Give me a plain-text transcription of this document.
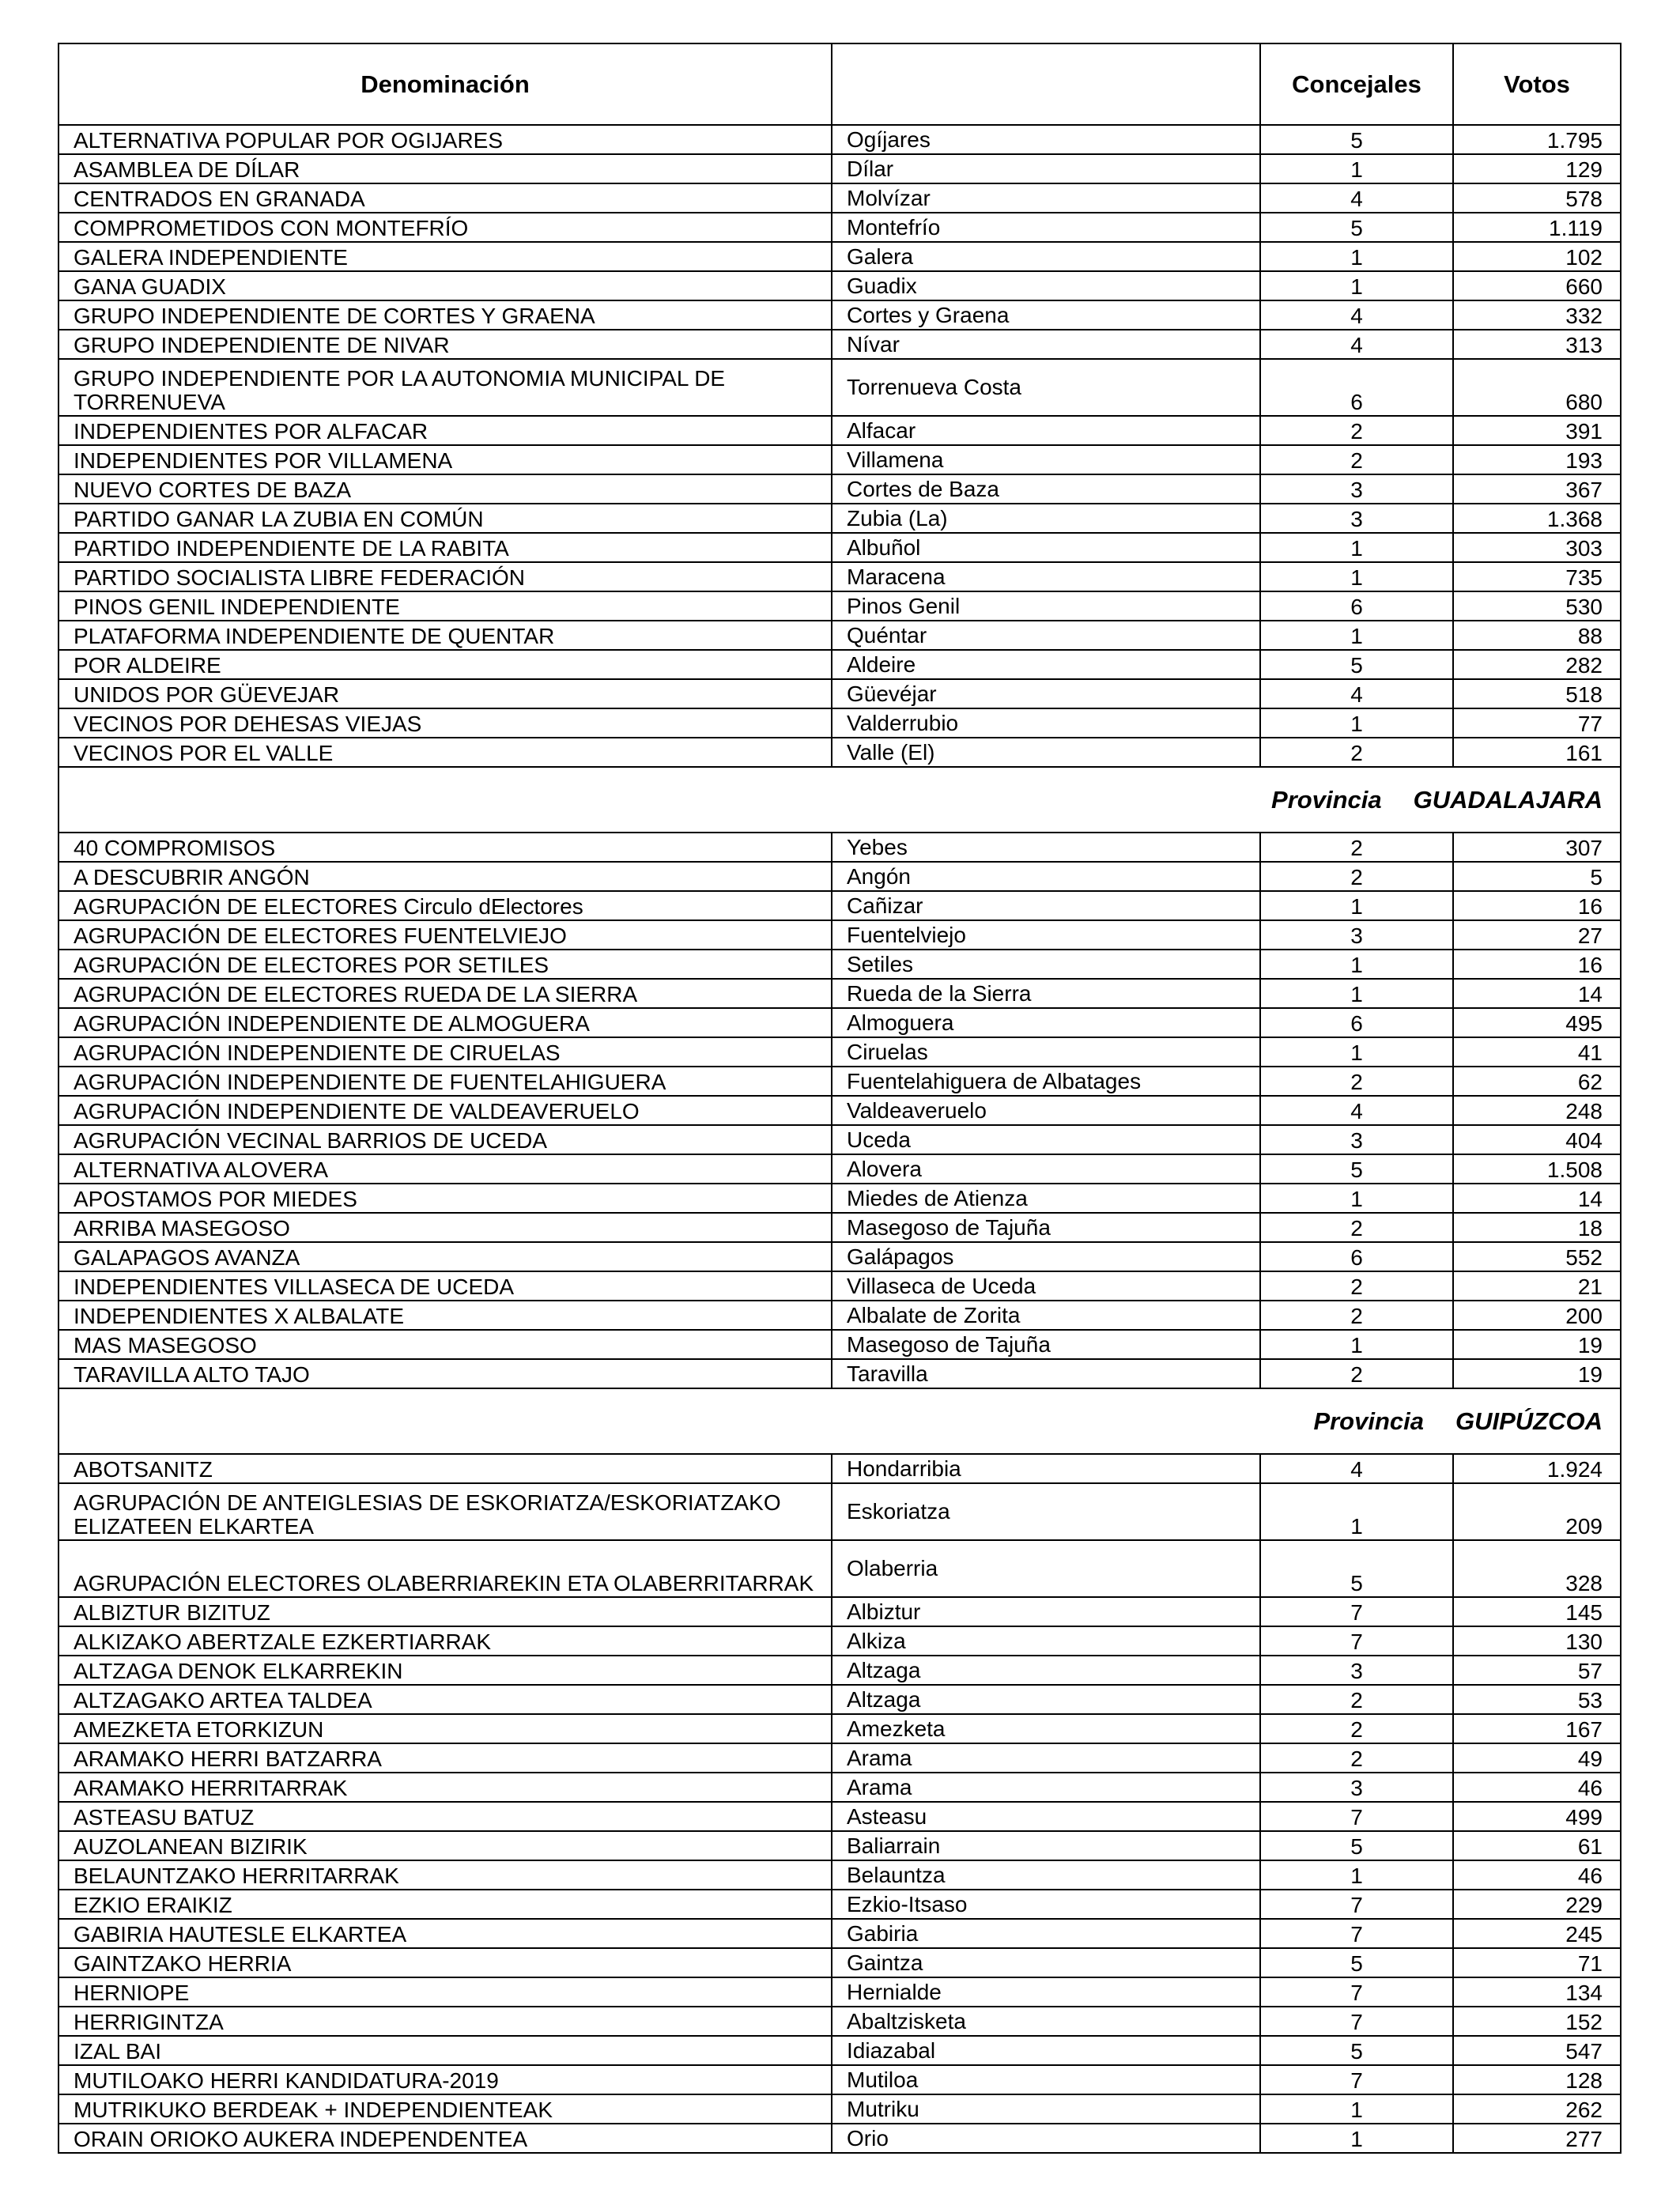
Denominación		Concejales	Votos
ALTERNATIVA POPULAR POR OGIJARES	Ogíjares	5	1.795
ASAMBLEA DE DÍLAR	Dílar	1	129
CENTRADOS EN GRANADA	Molvízar	4	578
COMPROMETIDOS CON MONTEFRÍO	Montefrío	5	1.119
GALERA INDEPENDIENTE	Galera	1	102
GANA GUADIX	Guadix	1	660
GRUPO INDEPENDIENTE DE CORTES Y GRAENA	Cortes y Graena	4	332
GRUPO INDEPENDIENTE DE NIVAR	Nívar	4	313
GRUPO INDEPENDIENTE POR LA AUTONOMIA MUNICIPAL DE TORRENUEVA	Torrenueva Costa	6	680
INDEPENDIENTES POR ALFACAR	Alfacar	2	391
INDEPENDIENTES POR VILLAMENA	Villamena	2	193
NUEVO CORTES DE BAZA	Cortes de Baza	3	367
PARTIDO GANAR LA ZUBIA EN COMÚN	Zubia (La)	3	1.368
PARTIDO INDEPENDIENTE DE LA RABITA	Albuñol	1	303
PARTIDO SOCIALISTA LIBRE FEDERACIÓN	Maracena	1	735
PINOS GENIL INDEPENDIENTE	Pinos Genil	6	530
PLATAFORMA INDEPENDIENTE DE QUENTAR	Quéntar	1	88
POR ALDEIRE	Aldeire	5	282
UNIDOS POR GÜEVEJAR	Güevéjar	4	518
VECINOS POR DEHESAS VIEJAS	Valderrubio	1	77
VECINOS POR EL VALLE	Valle (El)	2	161
Provincia GUADALAJARA			
40 COMPROMISOS	Yebes	2	307
A DESCUBRIR ANGÓN	Angón	2	5
AGRUPACIÓN DE ELECTORES Circulo dElectores	Cañizar	1	16
AGRUPACIÓN DE ELECTORES FUENTELVIEJO	Fuentelviejo	3	27
AGRUPACIÓN DE ELECTORES POR SETILES	Setiles	1	16
AGRUPACIÓN DE ELECTORES RUEDA DE LA SIERRA	Rueda de la Sierra	1	14
AGRUPACIÓN INDEPENDIENTE DE ALMOGUERA	Almoguera	6	495
AGRUPACIÓN INDEPENDIENTE DE CIRUELAS	Ciruelas	1	41
AGRUPACIÓN INDEPENDIENTE DE FUENTELAHIGUERA	Fuentelahiguera de Albatages	2	62
AGRUPACIÓN INDEPENDIENTE DE VALDEAVERUELO	Valdeaveruelo	4	248
AGRUPACIÓN VECINAL BARRIOS DE UCEDA	Uceda	3	404
ALTERNATIVA ALOVERA	Alovera	5	1.508
APOSTAMOS POR MIEDES	Miedes de Atienza	1	14
ARRIBA MASEGOSO	Masegoso de Tajuña	2	18
GALAPAGOS AVANZA	Galápagos	6	552
INDEPENDIENTES VILLASECA DE UCEDA	Villaseca de Uceda	2	21
INDEPENDIENTES X ALBALATE	Albalate de Zorita	2	200
MAS MASEGOSO	Masegoso de Tajuña	1	19
TARAVILLA ALTO TAJO	Taravilla	2	19
Provincia GUIPÚZCOA			
ABOTSANITZ	Hondarribia	4	1.924
AGRUPACIÓN DE ANTEIGLESIAS DE ESKORIATZA/ESKORIATZAKO ELIZATEEN ELKARTEA	Eskoriatza	1	209
AGRUPACIÓN ELECTORES OLABERRIAREKIN ETA OLABERRITARRAK	Olaberria	5	328
ALBIZTUR BIZITUZ	Albiztur	7	145
ALKIZAKO ABERTZALE EZKERTIARRAK	Alkiza	7	130
ALTZAGA DENOK ELKARREKIN	Altzaga	3	57
ALTZAGAKO ARTEA TALDEA	Altzaga	2	53
AMEZKETA ETORKIZUN	Amezketa	2	167
ARAMAKO HERRI BATZARRA	Arama	2	49
ARAMAKO HERRITARRAK	Arama	3	46
ASTEASU BATUZ	Asteasu	7	499
AUZOLANEAN BIZIRIK	Baliarrain	5	61
BELAUNTZAKO HERRITARRAK	Belauntza	1	46
EZKIO ERAIKIZ	Ezkio-Itsaso	7	229
GABIRIA HAUTESLE ELKARTEA	Gabiria	7	245
GAINTZAKO HERRIA	Gaintza	5	71
HERNIOPE	Hernialde	7	134
HERRIGINTZA	Abaltzisketa	7	152
IZAL BAI	Idiazabal	5	547
MUTILOAKO HERRI KANDIDATURA-2019	Mutiloa	7	128
MUTRIKUKO BERDEAK + INDEPENDIENTEAK	Mutriku	1	262
ORAIN ORIOKO AUKERA INDEPENDENTEA	Orio	1	277
